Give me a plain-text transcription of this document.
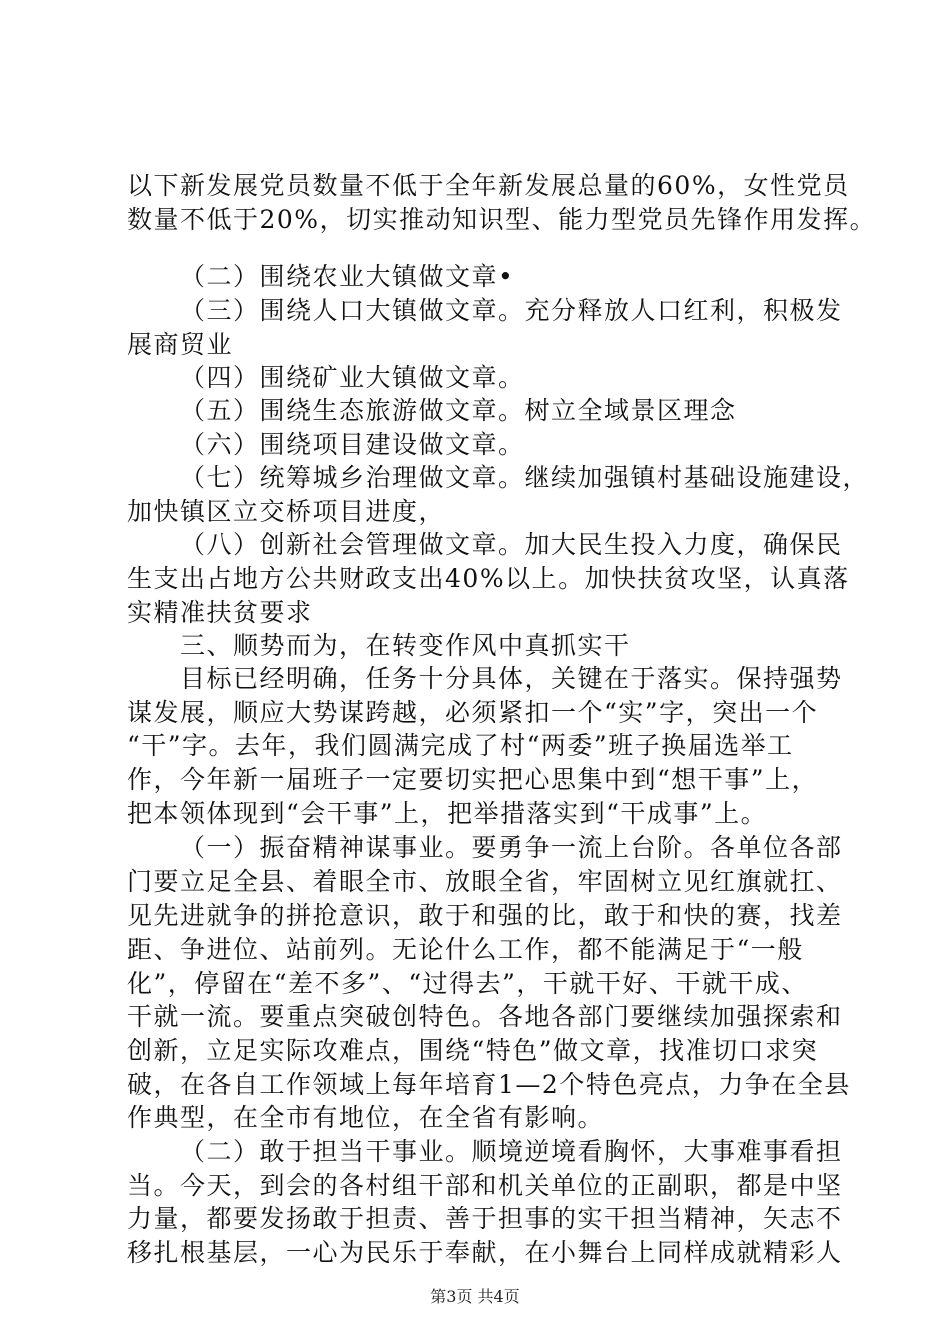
以下新发展党员数量不低于全年新发展总量的60%，女性党员
数量不低于20%，切实推动知识型、能力型党员先锋作用发挥。
（二）围绕农业大镇做文章•
（三）围绕人口大镇做文章。充分释放人口红利，积极发
展商贸业
（四）围绕矿业大镇做文章。
（五）围绕生态旅游做文章。树立全域景区理念
（六）围绕项目建设做文章。
（七）统筹城乡治理做文章。继续加强镇村基础设施建设，
加快镇区立交桥项目进度，
（八）创新社会管理做文章。加大民生投入力度，确保民
生支出占地方公共财政支出40%以上。加快扶贫攻坚，认真落
实精准扶贫要求
三、顺势而为，在转变作风中真抓实干
目标已经明确，任务十分具体，关键在于落实。保持强势
谋发展，顺应大势谋跨越，必须紧扣一个“实”字，突出一个
“干”字。去年，我们圆满完成了村“两委”班子换届选举工
作，今年新一届班子一定要切实把心思集中到“想干事”上，
把本领体现到“会干事”上，把举措落实到“干成事”上。
（一）振奋精神谋事业。要勇争一流上台阶。各单位各部
门要立足全县、着眼全市、放眼全省，牢固树立见红旗就扛、
见先进就争的拼抢意识，敢于和强的比，敢于和快的赛，找差
距、争进位、站前列。无论什么工作，都不能满足于“一般
化”，停留在“差不多”、“过得去”，干就干好、干就干成、
干就一流。要重点突破创特色。各地各部门要继续加强探索和
创新，立足实际攻难点，围绕“特色”做文章，找准切口求突
破，在各自工作领域上每年培育1—2个特色亮点，力争在全县
作典型，在全市有地位，在全省有影响。
（二）敢于担当干事业。顺境逆境看胸怀，大事难事看担
当。今天，到会的各村组干部和机关单位的正副职，都是中坚
力量，都要发扬敢于担责、善于担事的实干担当精神，矢志不
移扎根基层，一心为民乐于奉献，在小舞台上同样成就精彩人
第3页 共4页
